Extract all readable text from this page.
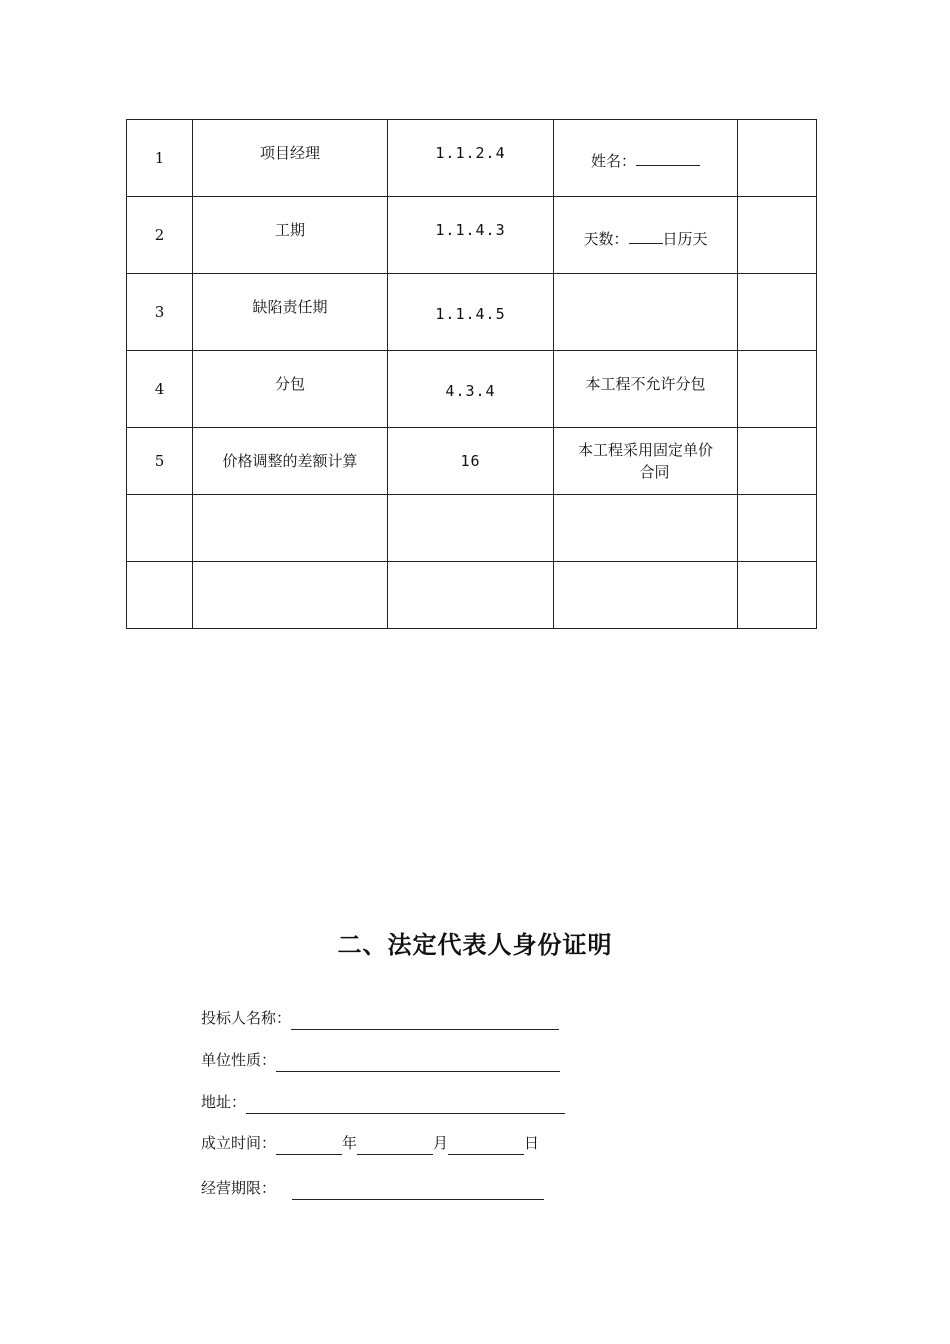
1	项目经理	1.1.2.4	姓名：	
2	工期	1.1.4.3	天数： 日历天	
3	缺陷责任期	1.1.4.5		
4	分包	4.3.4	本工程不允许分包	
5	价格调整的差额计算	16	本工程采用固定单价
合同	

二、法定代表人身份证明
投标人名称：
单位性质：
地址：
成立时间：	年	月	日
经营期限：
